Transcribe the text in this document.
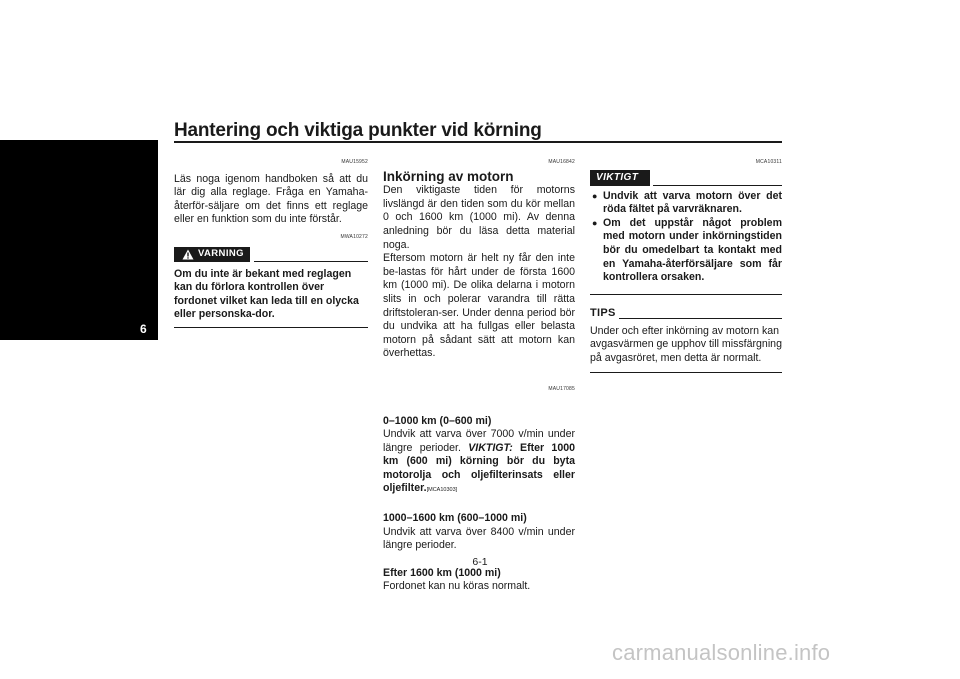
Hantering och viktiga punkter vid körning
6
MAU15952

Läs noga igenom handboken så att du lär dig alla reglage. Fråga en Yamaha-återför-säljare om det finns ett reglage eller en funktion som du inte förstår.

MWA10272
VARNING

Om du inte är bekant med reglagen kan du förlora kontrollen över fordonet vilket kan leda till en olycka eller personska-dor.

MAU16842
Inkörning av motorn

Den viktigaste tiden för motorns livslängd är den tiden som du kör mellan 0 och 1600 km (1000 mi). Av denna anledning bör du läsa detta material noga.

Eftersom motorn är helt ny får den inte be-lastas för hårt under de första 1600 km (1000 mi). De olika delarna i motorn slits in och polerar varandra till rätta driftstoleran-ser. Under denna period bör du undvika att ha fullgas eller belasta motorn på sådant sätt att motorn kan överhettas.

MAU17085

0–1000 km (0–600 mi)

Undvik att varva över 7000 v/min under längre perioder. VIKTIGT: Efter 1000 km (600 mi) körning bör du byta motorolja och oljefilterinsats eller oljefilter.[MCA10303]

1000–1600 km (600–1000 mi)

Undvik att varva över 8400 v/min under längre perioder.

Efter 1600 km (1000 mi)

Fordonet kan nu köras normalt.

MCA10311
VIKTIGT
● Undvik att varva motorn över det röda fältet på varvräknaren.
● Om det uppstår något problem med motorn under inkörningstiden bör du omedelbart ta kontakt med en Yamaha-återförsäljare som får kontrollera orsaken.
TIPS

Under och efter inkörning av motorn kan avgasvärmen ge upphov till missfärgning på avgasröret, men detta är normalt.

6-1
carmanualsonline.info
